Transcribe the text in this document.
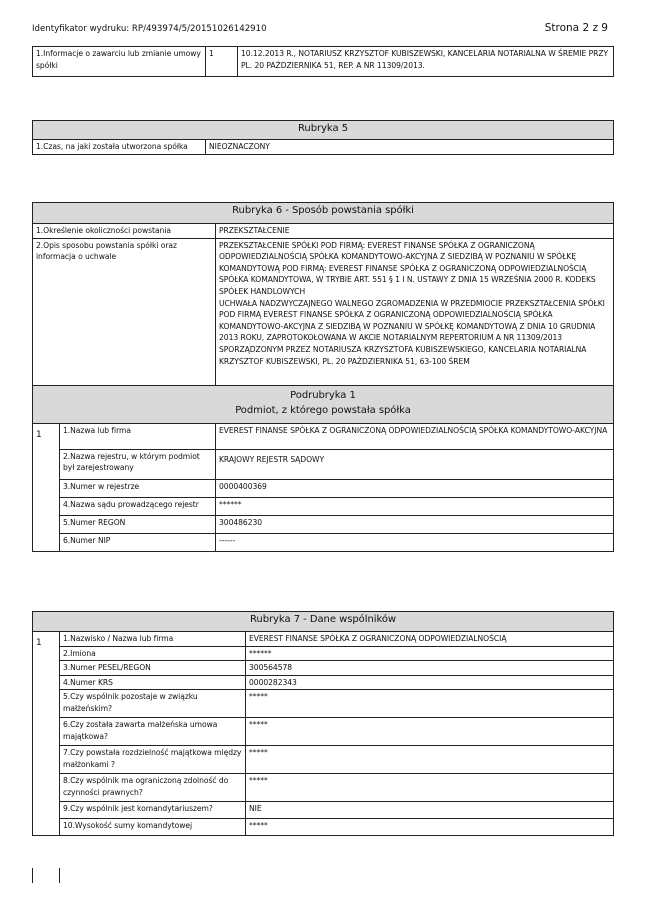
Identyfikator wydruku: RP/493974/5/20151026142910	Strona 2 z 9
1.Informacje o zawarciu lub zmianie umowy spółki	1	10.12.2013 R., NOTARIUSZ KRZYSZTOF KUBISZEWSKI, KANCELARIA NOTARIALNA W ŚREMIE PRZY PL. 20 PAŹDZIERNIKA 51, REP. A NR 11309/2013.
Rubryka 5
1.Czas, na jaki została utworzona spółka	NIEOZNACZONY
Rubryka 6 - Sposób powstania spółki		
1.Określenie okoliczności powstania		PRZEKSZTAŁCENIE
2.Opis sposobu powstania spółki oraz informacja o uchwale		PRZEKSZTAŁCENIE SPÓŁKI POD FIRMĄ: EVEREST FINANSE SPÓŁKA Z OGRANICZONĄ ODPOWIEDZIALNOŚCIĄ SPÓŁKA KOMANDYTOWO-AKCYJNA Z SIEDZIBĄ W POZNANIU W SPÓŁKĘ KOMANDYTOWĄ POD FIRMĄ: EVEREST FINANSE SPÓŁKA Z OGRANICZONĄ ODPOWIEDZIALNOŚCIĄ SPÓŁKA KOMANDYTOWA, W TRYBIE ART. 551 § 1 I N. USTAWY Z DNIA 15 WRZEŚNIA 2000 R. KODEKS SPÓŁEK HANDLOWYCH
UCHWAŁA NADZWYCZAJNEGO WALNEGO ZGROMADZENIA W PRZEDMIOCIE PRZEKSZTAŁCENIA SPÓŁKI POD FIRMĄ EVEREST FINANSE SPÓŁKA Z OGRANICZONĄ ODPOWIEDZIALNOŚCIĄ SPÓŁKA KOMANDYTOWO-AKCYJNA Z SIEDZIBĄ W POZNANIU W SPÓŁKĘ KOMANDYTOWĄ Z DNIA 10 GRUDNIA 2013 ROKU, ZAPROTOKOŁOWANA W AKCIE NOTARIALNYM REPERTORIUM A NR 11309/2013 SPORZĄDZONYM PRZEZ NOTARIUSZA KRZYSZTOFA KUBISZEWSKIEGO, KANCELARIA NOTARIALNA KRZYSZTOF KUBISZEWSKI, PL. 20 PAŹDZIERNIKA 51, 63-100 ŚREM

Podrubryka 1
Podmiot, z którego powstała spółka		

1	1.Nazwa lub firma	EVEREST FINANSE SPÓŁKA Z OGRANICZONĄ ODPOWIEDZIALNOŚCIĄ SPÓŁKA KOMANDYTOWO-AKCYJNA
	2.Nazwa rejestru, w którym podmiot był zarejestrowany	KRAJOWY REJESTR SĄDOWY
	3.Numer w rejestrze	0000400369
	4.Nazwa sądu prowadzącego rejestr	******
	5.Numer REGON	300486230
	6.Numer NIP	------
Rubryka 7 - Dane wspólników		
1	1.Nazwisko / Nazwa lub firma	EVEREST FINANSE SPÓŁKA Z OGRANICZONĄ ODPOWIEDZIALNOŚCIĄ
	2.Imiona	******
	3.Numer PESEL/REGON	300564578
	4.Numer KRS	0000282343
	5.Czy wspólnik pozostaje w związku małżeńskim?	*****
	6.Czy została zawarta małżeńska umowa majątkowa?	*****
	7.Czy powstała rozdzielność majątkowa między małżonkami ?	*****
	8.Czy wspólnik ma ograniczoną zdolność do czynności prawnych?	*****
	9.Czy wspólnik jest komandytariuszem?	NIE
	10.Wysokość sumy komandytowej	*****
